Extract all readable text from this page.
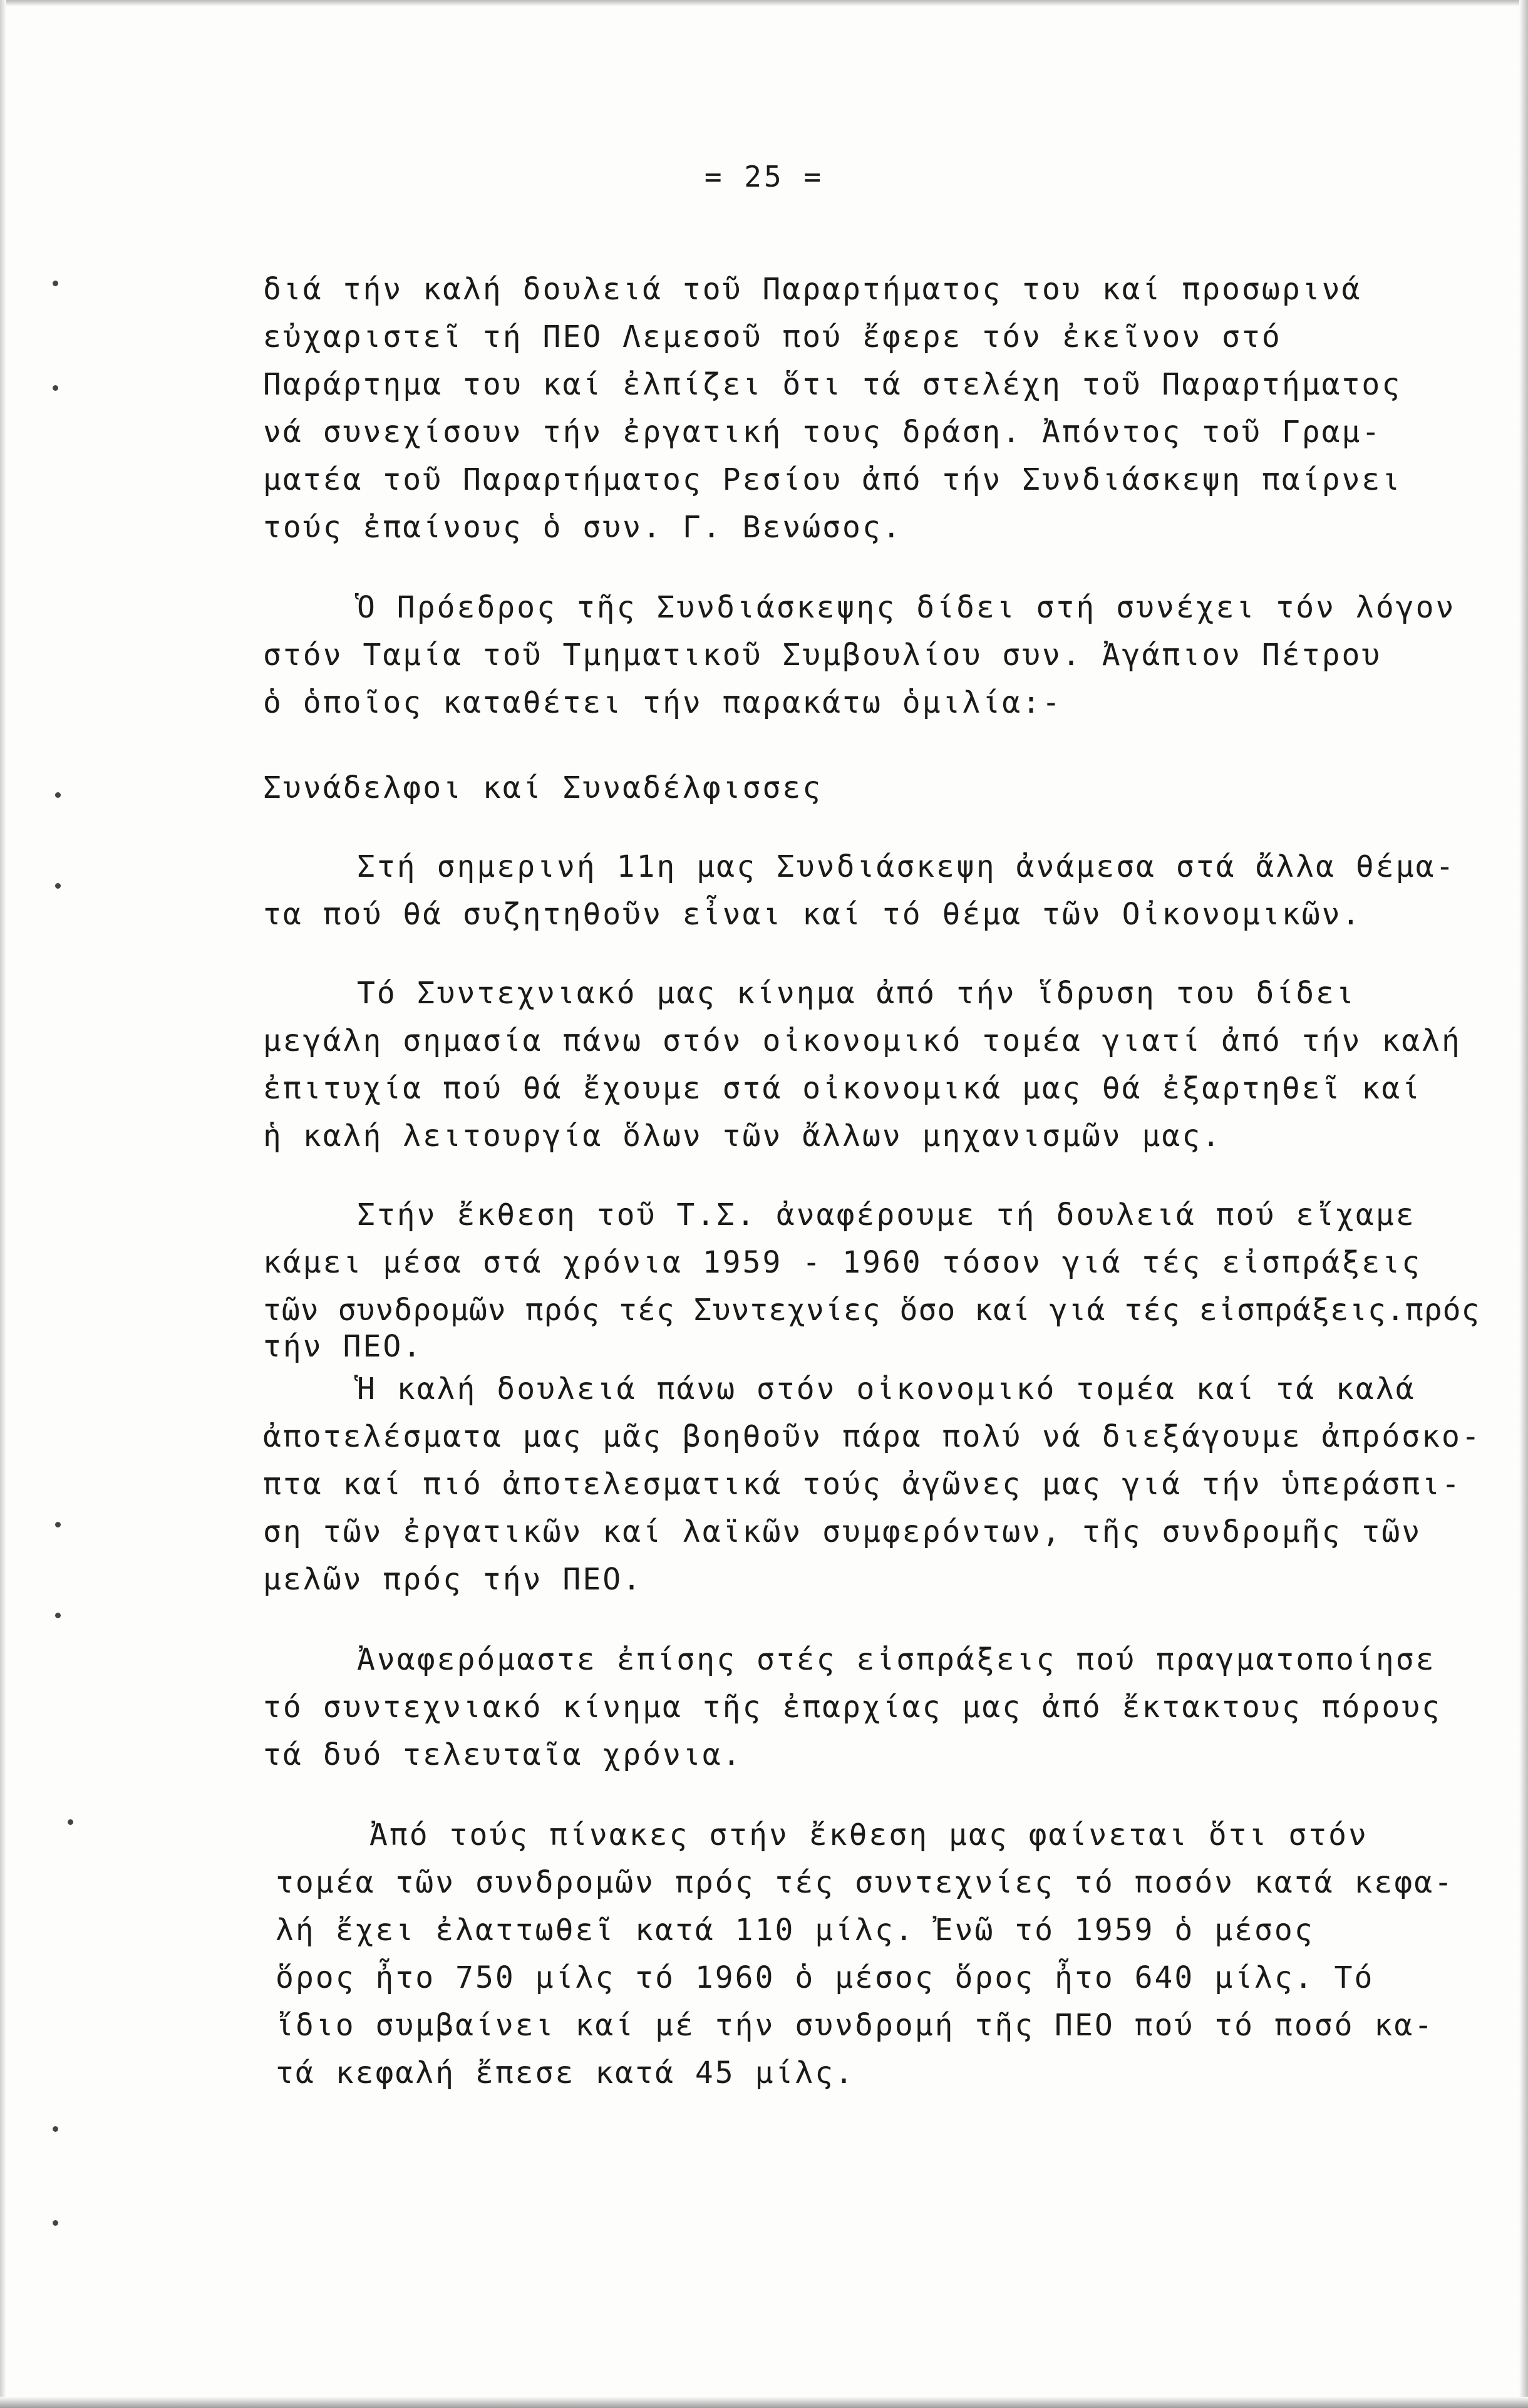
= 25 =
διά τήν καλή δουλειά τοῦ Παραρτήματος του καί προσωρινά
εὐχαριστεῖ τή ΠΕΟ Λεμεσοῦ πού ἔφερε τόν ἐκεῖνον στό
Παράρτημα του καί ἐλπίζει ὅτι τά στελέχη τοῦ Παραρτήματος
νά συνεχίσουν τήν ἐργατική τους δράση. Ἀπόντος τοῦ Γραμ-
ματέα τοῦ Παραρτήματος Ρεσίου ἀπό τήν Συνδιάσκεψη παίρνει
τούς ἐπαίνους ὁ συν. Γ. Βενώσος.
Ὁ Πρόεδρος τῆς Συνδιάσκεψης δίδει στή συνέχει τόν λόγον
στόν Ταμία τοῦ Τμηματικοῦ Συμβουλίου συν. Ἀγάπιον Πέτρου
ὁ ὁποῖος καταθέτει τήν παρακάτω ὁμιλία:-
Συνάδελφοι καί Συναδέλφισσες
Στή σημερινή 11η μας Συνδιάσκεψη ἀνάμεσα στά ἄλλα θέμα-
τα πού θά συζητηθοῦν εἶναι καί τό θέμα τῶν Οἰκονομικῶν.
Τό Συντεχνιακό μας κίνημα ἀπό τήν ἵδρυση του δίδει
μεγάλη σημασία πάνω στόν οἰκονομικό τομέα γιατί ἀπό τήν καλή
ἐπιτυχία πού θά ἔχουμε στά οἰκονομικά μας θά ἐξαρτηθεῖ καί
ἡ καλή λειτουργία ὅλων τῶν ἄλλων μηχανισμῶν μας.
Στήν ἔκθεση τοῦ Τ.Σ. ἀναφέρουμε τή δουλειά πού εἴχαμε
κάμει μέσα στά χρόνια 1959 - 1960 τόσον γιά τές εἰσπράξεις
τῶν συνδρομῶν πρός τές Συντεχνίες ὅσο καί γιά τές εἰσπράξεις.πρός
τήν ΠΕΟ.
Ἡ καλή δουλειά πάνω στόν οἰκονομικό τομέα καί τά καλά
ἀποτελέσματα μας μᾶς βοηθοῦν πάρα πολύ νά διεξάγουμε ἀπρόσκο-
πτα καί πιό ἀποτελεσματικά τούς ἀγῶνες μας γιά τήν ὑπεράσπι-
ση τῶν ἐργατικῶν καί λαϊκῶν συμφερόντων, τῆς συνδρομῆς τῶν
μελῶν πρός τήν ΠΕΟ.
Ἀναφερόμαστε ἐπίσης στές εἰσπράξεις πού πραγματοποίησε
τό συντεχνιακό κίνημα τῆς ἐπαρχίας μας ἀπό ἔκτακτους πόρους
τά δυό τελευταῖα χρόνια.
Ἀπό τούς πίνακες στήν ἔκθεση μας φαίνεται ὅτι στόν
τομέα τῶν συνδρομῶν πρός τές συντεχνίες τό ποσόν κατά κεφα-
λή ἔχει ἐλαττωθεῖ κατά 110 μίλς. Ἐνῶ τό 1959 ὁ μέσος
ὅρος ἦτο 750 μίλς τό 1960 ὁ μέσος ὅρος ἦτο 640 μίλς. Τό
ἴδιο συμβαίνει καί μέ τήν συνδρομή τῆς ΠΕΟ πού τό ποσό κα-
τά κεφαλή ἔπεσε κατά 45 μίλς.
